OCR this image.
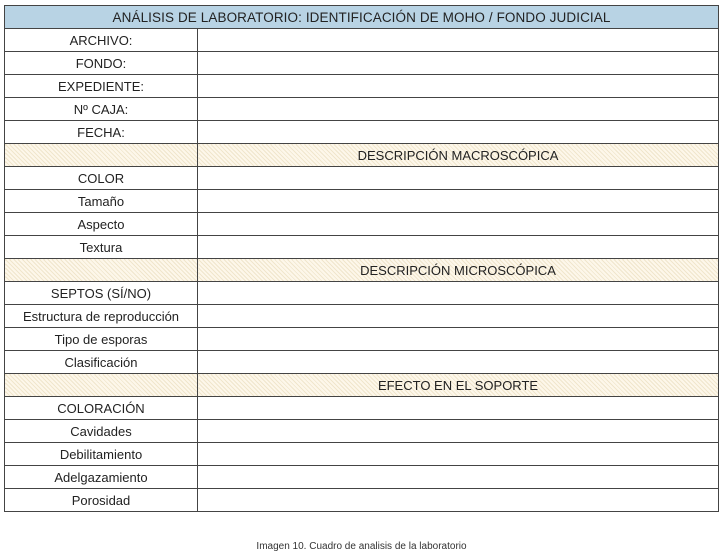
ANÁLISIS DE LABORATORIO: IDENTIFICACIÓN DE MOHO / FONDO JUDICIAL	
ARCHIVO:	
FONDO:	
EXPEDIENTE:	
Nº CAJA:	
FECHA:	
	DESCRIPCIÓN MACROSCÓPICA
COLOR	
Tamaño	
Aspecto	
Textura	
	DESCRIPCIÓN MICROSCÓPICA
SEPTOS (SÍ/NO)	
Estructura de reproducción	
Tipo de esporas	
Clasificación	
	EFECTO EN EL SOPORTE
COLORACIÓN	
Cavidades	
Debilitamiento	
Adelgazamiento	
Porosidad	
Imagen 10. Cuadro de analisis de la laboratorio
